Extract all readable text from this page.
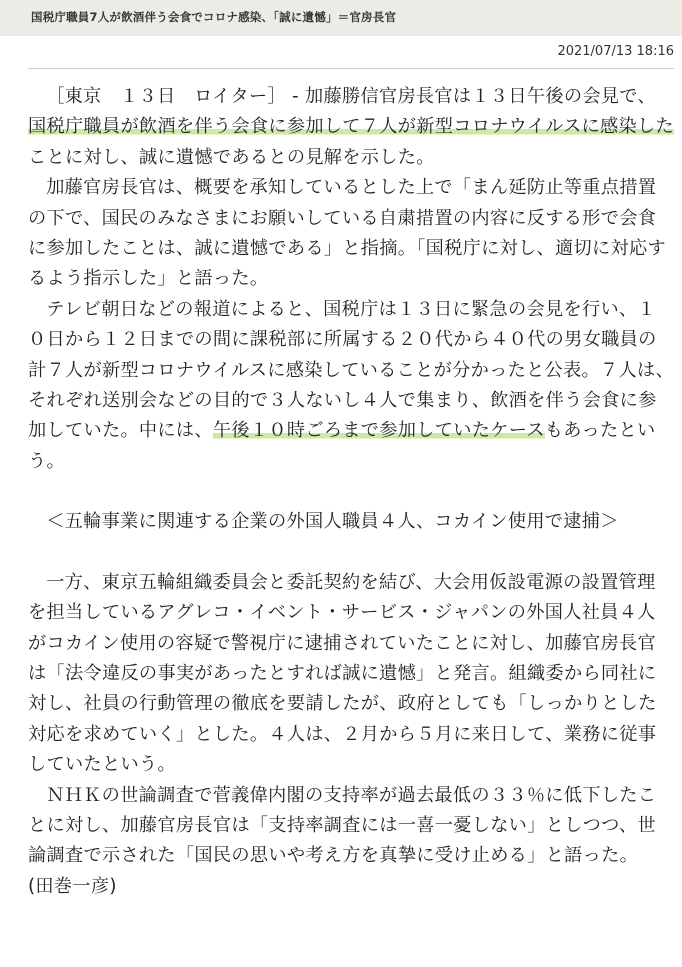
国税庁職員7人が飲酒伴う会食でコロナ感染、「誠に遺憾」＝官房長官
2021/07/13 18:16

［東京　１３日　ロイター］ - 加藤勝信官房長官は１３日午後の会見で、国税庁職員が飲酒を伴う会食に参加して７人が新型コロナウイルスに感染したことに対し、誠に遺憾であるとの見解を示した。

加藤官房長官は、概要を承知しているとした上で「まん延防止等重点措置の下で、国民のみなさまにお願いしている自粛措置の内容に反する形で会食に参加したことは、誠に遺憾である」と指摘。「国税庁に対し、適切に対応するよう指示した」と語った。

テレビ朝日などの報道によると、国税庁は１３日に緊急の会見を行い、１０日から１２日までの間に課税部に所属する２０代から４０代の男女職員の計７人が新型コロナウイルスに感染していることが分かったと公表。７人は、それぞれ送別会などの目的で３人ないし４人で集まり、飲酒を伴う会食に参加していた。中には、午後１０時ごろまで参加していたケースもあったという。

＜五輪事業に関連する企業の外国人職員４人、コカイン使用で逮捕＞

一方、東京五輪組織委員会と委託契約を結び、大会用仮設電源の設置管理を担当しているアグレコ・イベント・サービス・ジャパンの外国人社員４人がコカイン使用の容疑で警視庁に逮捕されていたことに対し、加藤官房長官は「法令違反の事実があったとすれば誠に遺憾」と発言。組織委から同社に対し、社員の行動管理の徹底を要請したが、政府としても「しっかりとした対応を求めていく」とした。４人は、２月から５月に来日して、業務に従事していたという。

ＮＨＫの世論調査で菅義偉内閣の支持率が過去最低の３３％に低下したことに対し、加藤官房長官は「支持率調査には一喜一憂しない」としつつ、世論調査で示された「国民の思いや考え方を真摯に受け止める」と語った。

(田巻一彦)
